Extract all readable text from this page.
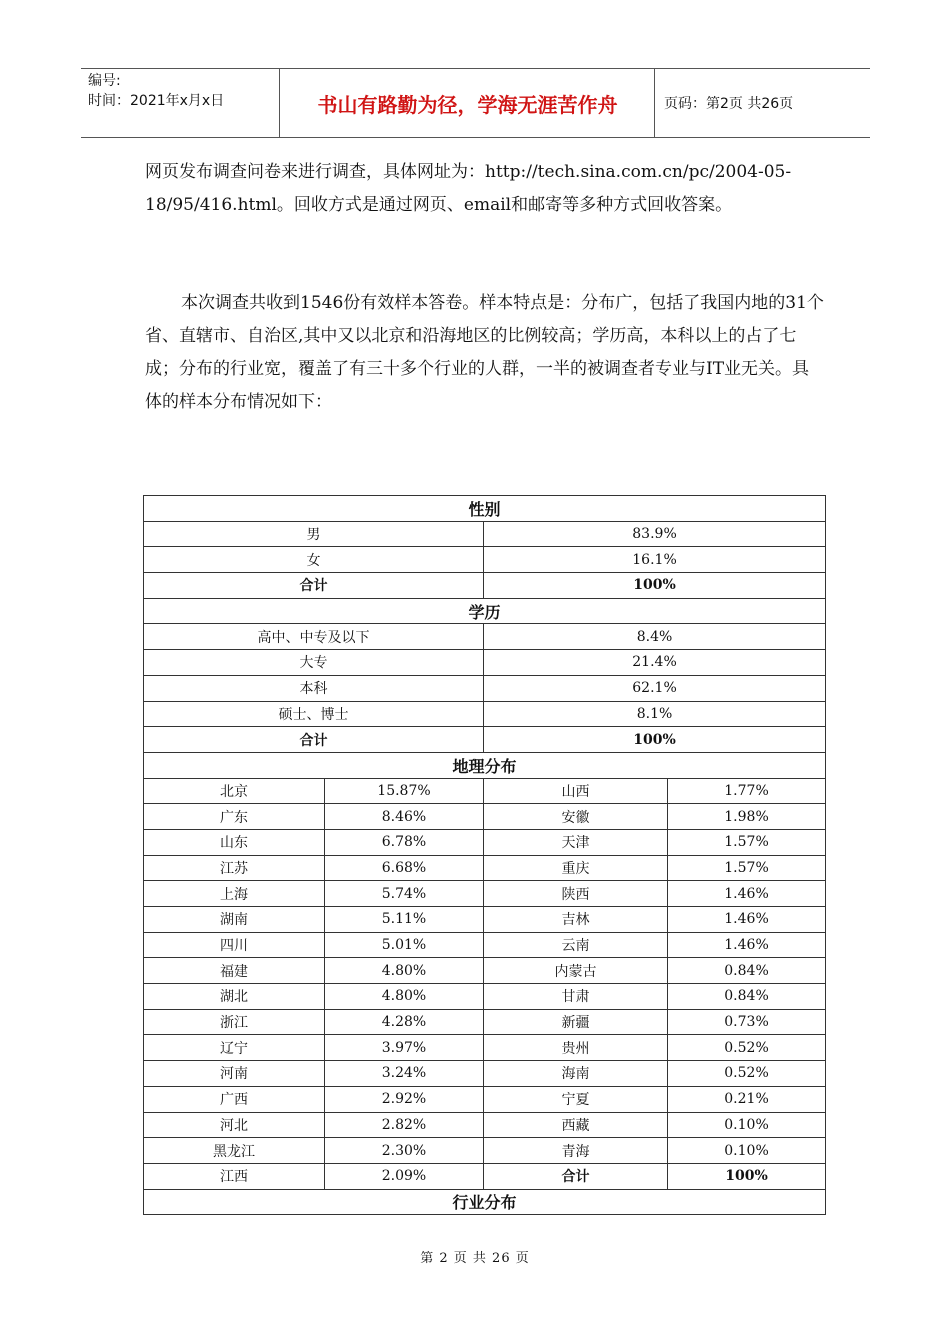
编号:
时间：2021年x月x日	书山有路勤为径，学海无涯苦作舟	页码：第2页 共26页
网页发布调查问卷来进行调查，具体网址为：http://tech.sina.com.cn/pc/2004-05-18/95/416.html。回收方式是通过网页、email和邮寄等多种方式回收答案。
本次调查共收到1546份有效样本答卷。样本特点是：分布广，包括了我国内地的31个省、直辖市、自治区,其中又以北京和沿海地区的比例较高；学历高，本科以上的占了七成；分布的行业宽，覆盖了有三十多个行业的人群，一半的被调查者专业与IT业无关。具体的样本分布情况如下：
性别			
男		83.9%	
女		16.1%	
合计		100%	
学历			
高中、中专及以下		8.4%	
大专		21.4%	
本科		62.1%	
硕士、博士		8.1%	
合计		100%	
地理分布			
北京	15.87%	山西	1.77%
广东	8.46%	安徽	1.98%
山东	6.78%	天津	1.57%
江苏	6.68%	重庆	1.57%
上海	5.74%	陕西	1.46%
湖南	5.11%	吉林	1.46%
四川	5.01%	云南	1.46%
福建	4.80%	内蒙古	0.84%
湖北	4.80%	甘肃	0.84%
浙江	4.28%	新疆	0.73%
辽宁	3.97%	贵州	0.52%
河南	3.24%	海南	0.52%
广西	2.92%	宁夏	0.21%
河北	2.82%	西藏	0.10%
黑龙江	2.30%	青海	0.10%
江西	2.09%	合计	100%
行业分布			
第 2 页 共 26 页
